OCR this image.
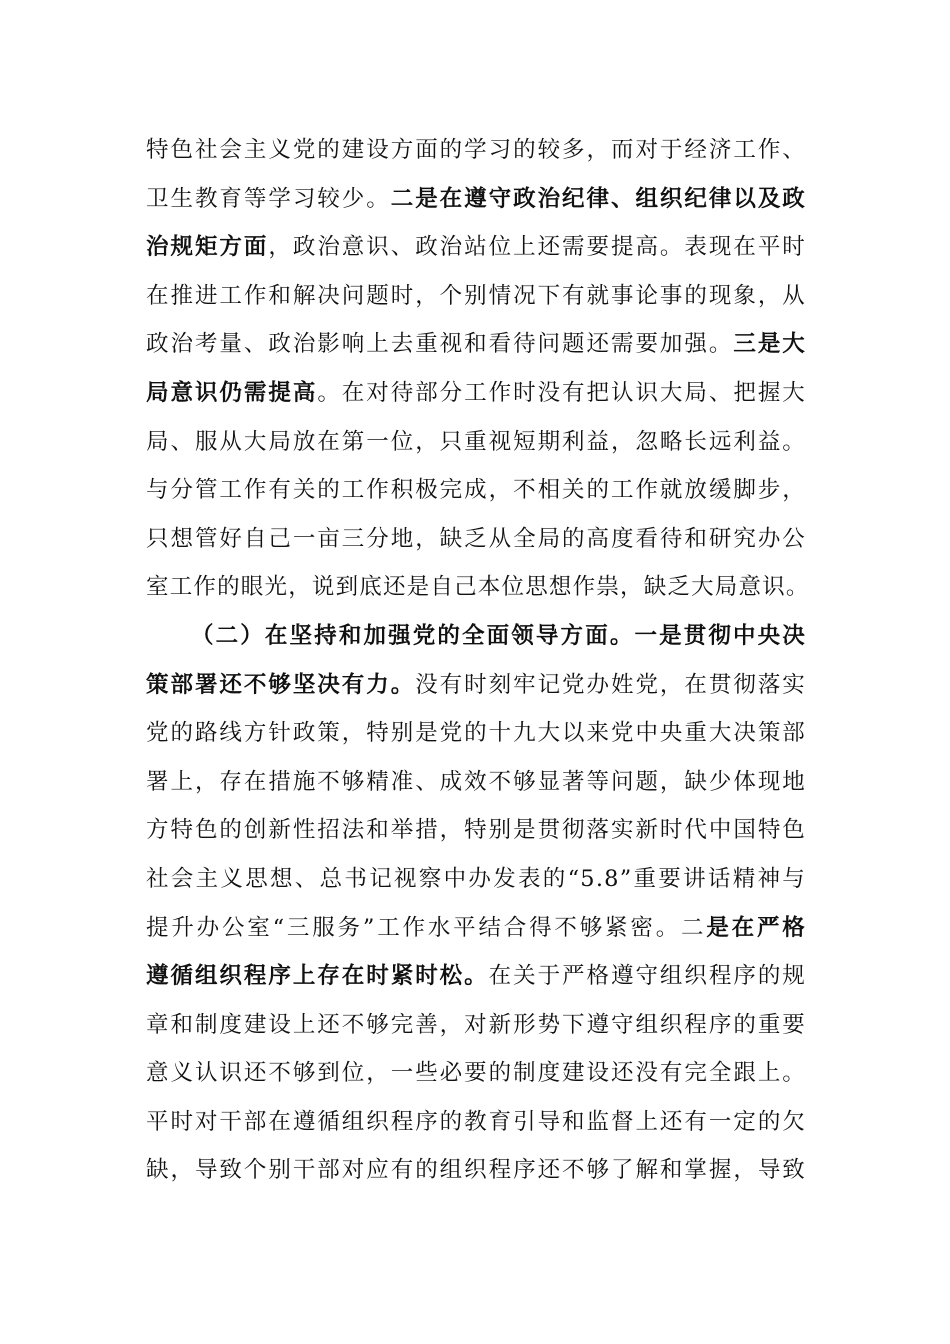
特色社会主义党的建设方面的学习的较多，而对于经济工作、
卫生教育等学习较少。二是在遵守政治纪律、组织纪律以及政
治规矩方面，政治意识、政治站位上还需要提高。表现在平时
在推进工作和解决问题时，个别情况下有就事论事的现象，从
政治考量、政治影响上去重视和看待问题还需要加强。三是大
局意识仍需提高。在对待部分工作时没有把认识大局、把握大
局、服从大局放在第一位，只重视短期利益，忽略长远利益。
与分管工作有关的工作积极完成，不相关的工作就放缓脚步，
只想管好自己一亩三分地，缺乏从全局的高度看待和研究办公
室工作的眼光，说到底还是自己本位思想作祟，缺乏大局意识。
（二）在坚持和加强党的全面领导方面。一是贯彻中央决
策部署还不够坚决有力。没有时刻牢记党办姓党，在贯彻落实
党的路线方针政策，特别是党的十九大以来党中央重大决策部
署上，存在措施不够精准、成效不够显著等问题，缺少体现地
方特色的创新性招法和举措，特别是贯彻落实新时代中国特色
社会主义思想、总书记视察中办发表的“5.8”重要讲话精神与
提升办公室“三服务”工作水平结合得不够紧密。二是在严格
遵循组织程序上存在时紧时松。在关于严格遵守组织程序的规
章和制度建设上还不够完善，对新形势下遵守组织程序的重要
意义认识还不够到位，一些必要的制度建设还没有完全跟上。
平时对干部在遵循组织程序的教育引导和监督上还有一定的欠
缺，导致个别干部对应有的组织程序还不够了解和掌握，导致
